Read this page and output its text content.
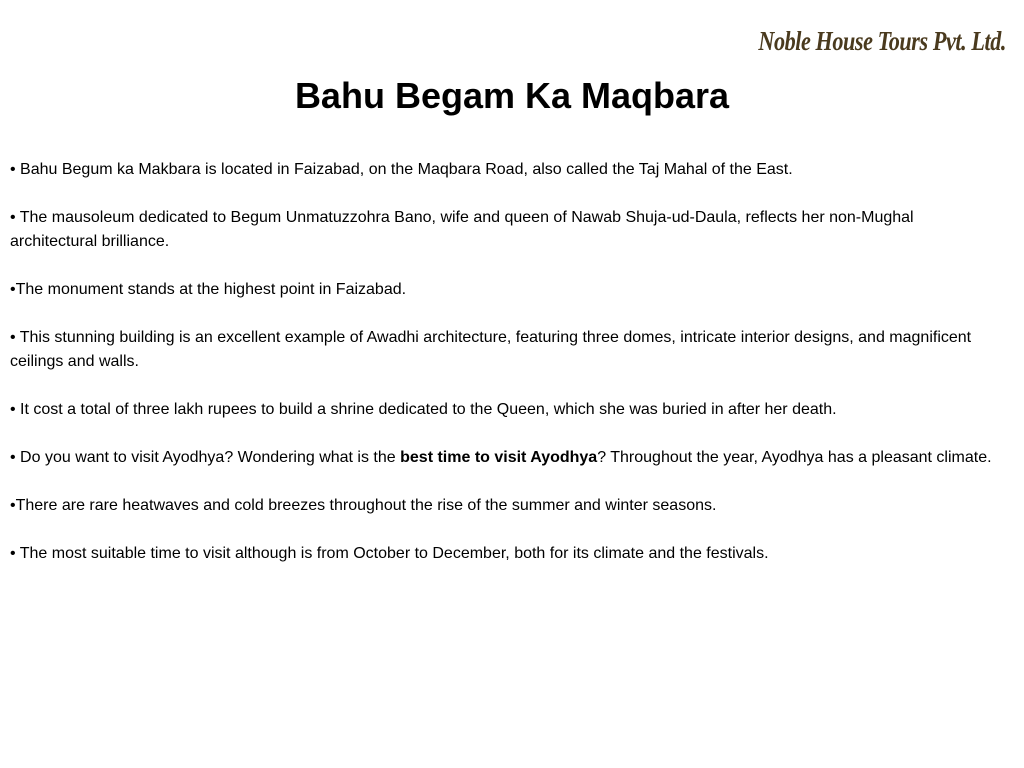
Noble House Tours Pvt. Ltd.
Bahu Begam Ka Maqbara

• Bahu Begum ka Makbara is located in Faizabad, on the Maqbara Road, also called the Taj Mahal of the East.

• The mausoleum dedicated to Begum Unmatuzzohra Bano, wife and queen of Nawab Shuja-ud-Daula, reflects her non-Mughal architectural brilliance.

•The monument stands at the highest point in Faizabad.

• This stunning building is an excellent example of Awadhi architecture, featuring three domes, intricate interior designs, and magnificent ceilings and walls.

• It cost a total of three lakh rupees to build a shrine dedicated to the Queen, which she was buried in after her death.

• Do you want to visit Ayodhya? Wondering what is the best time to visit Ayodhya? Throughout the year, Ayodhya has a pleasant climate.

•There are rare heatwaves and cold breezes throughout the rise of the summer and winter seasons.

• The most suitable time to visit although is from October to December, both for its climate and the festivals.
